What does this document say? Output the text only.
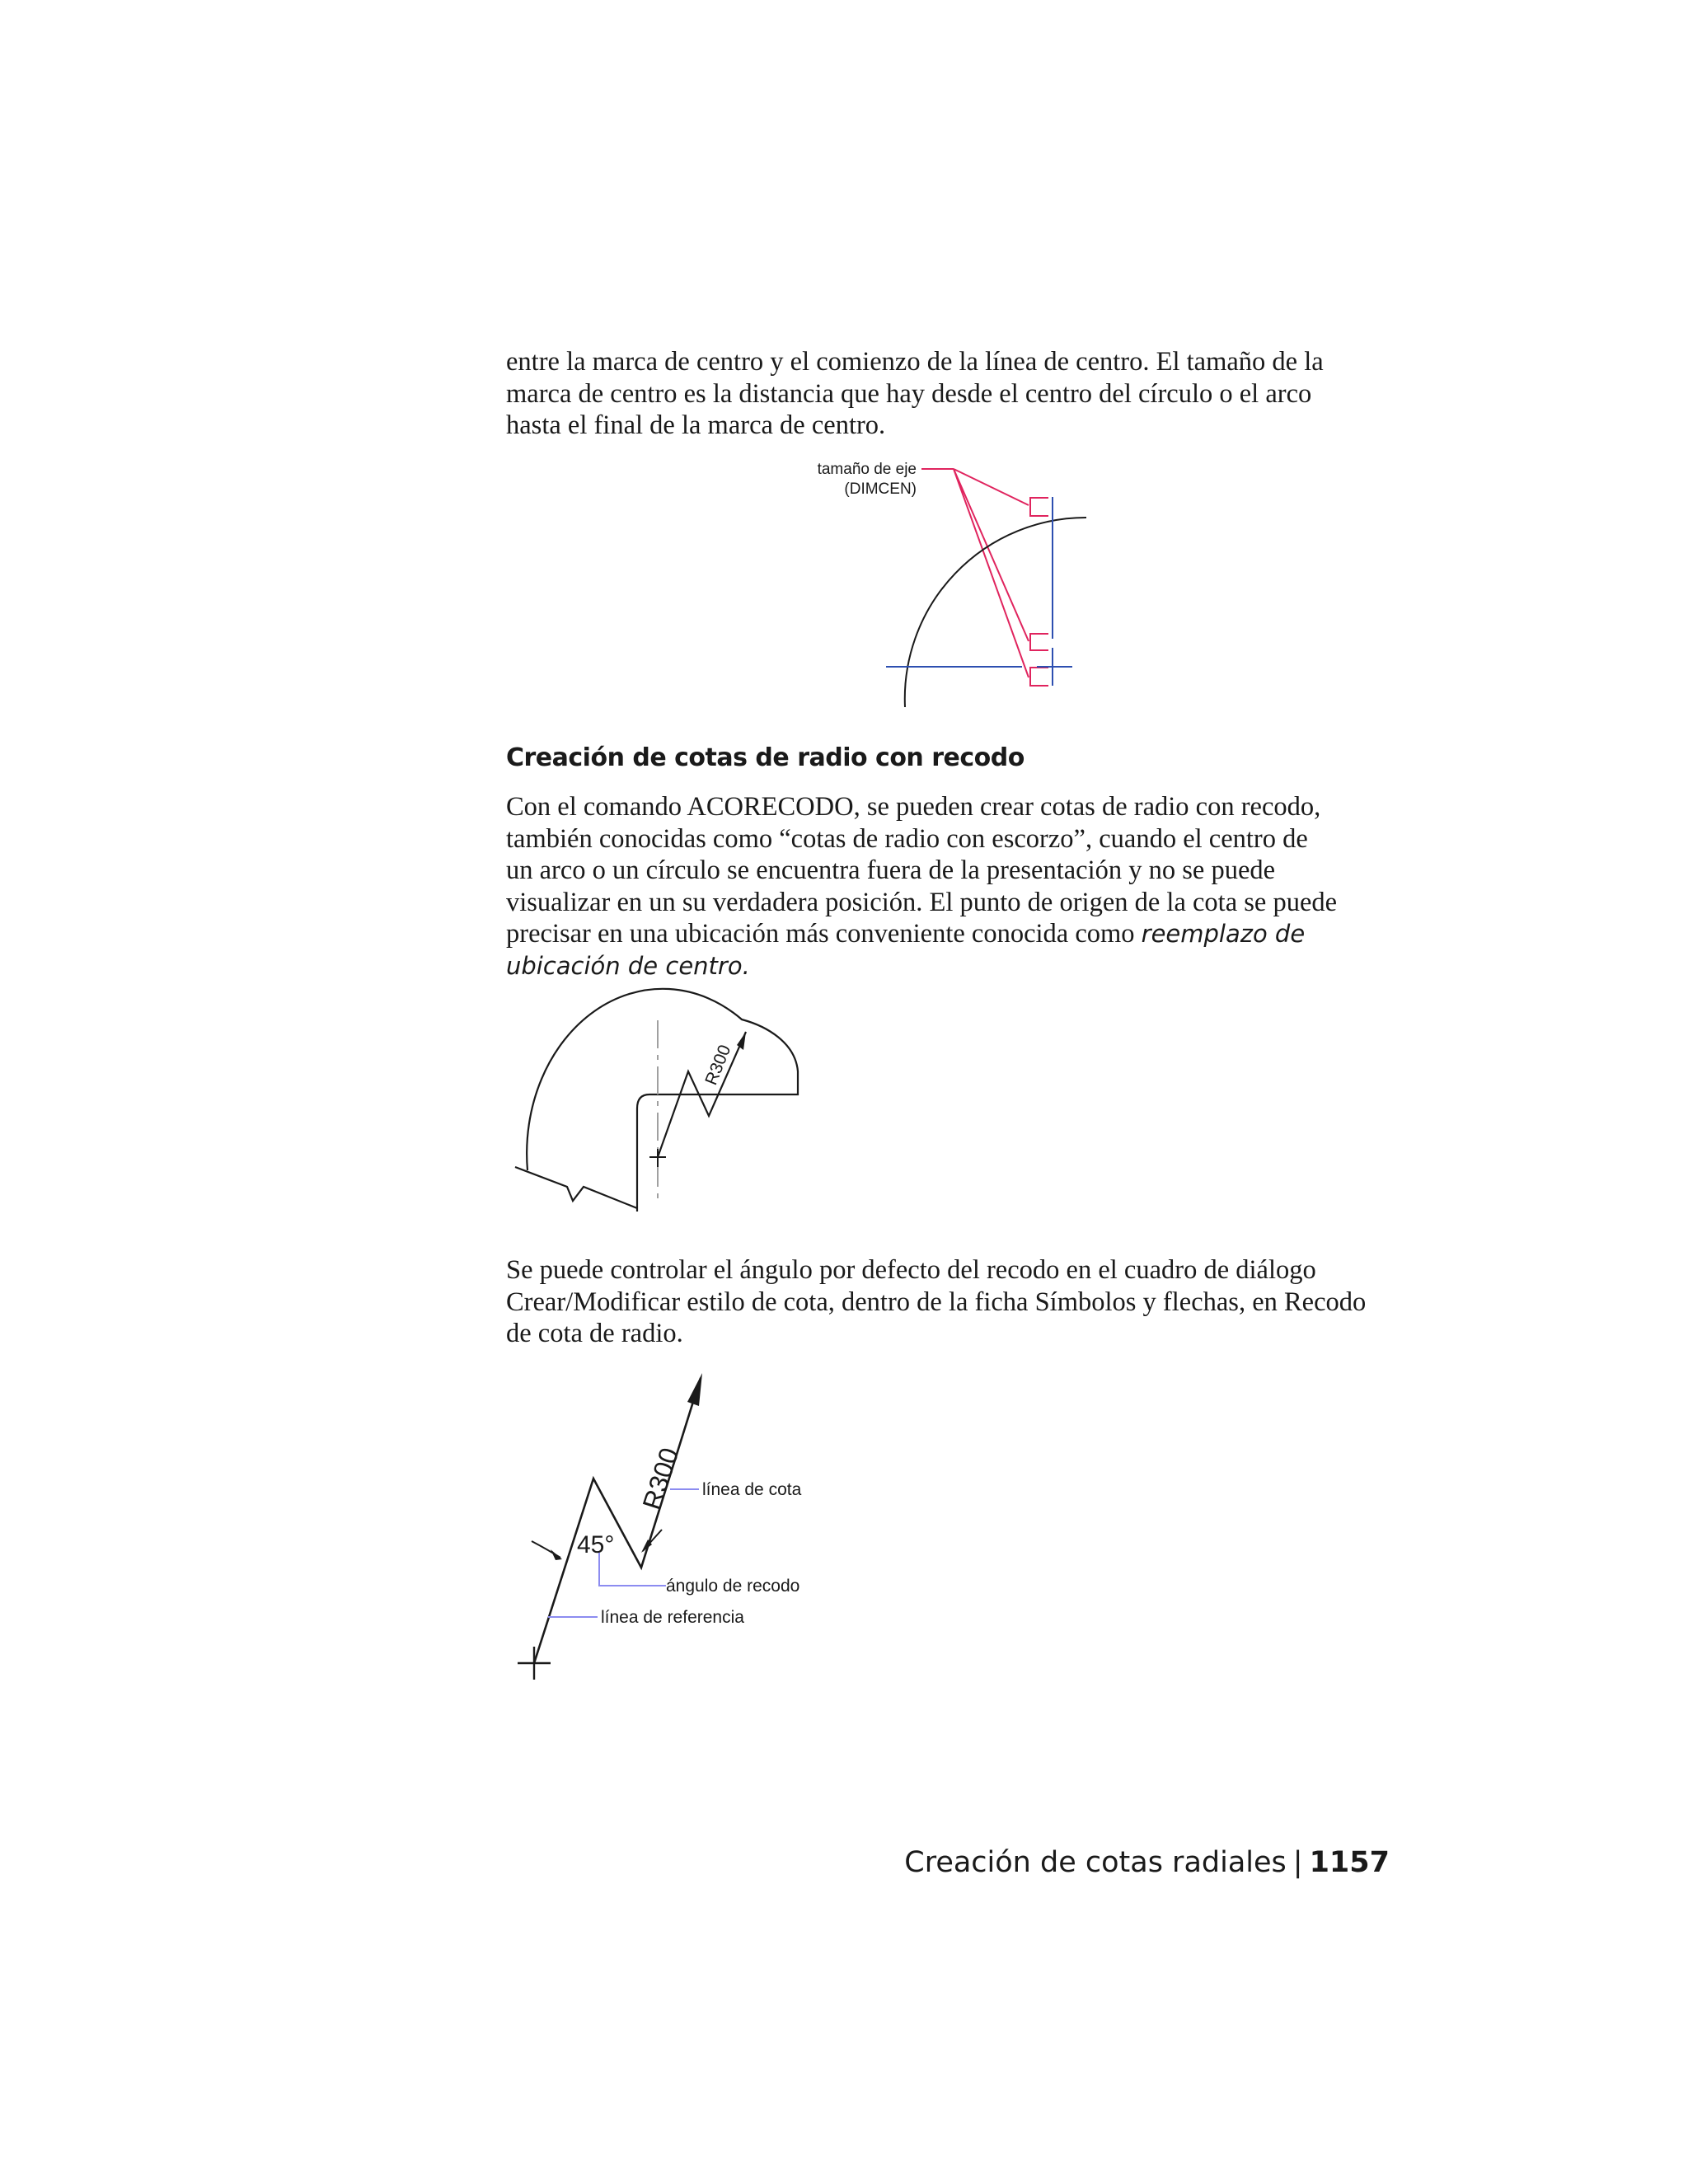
entre la marca de centro y el comienzo de la línea de centro. El tamaño de la
marca de centro es la distancia que hay desde el centro del círculo o el arco
hasta el final de la marca de centro.

tamaño de eje
(DIMCEN)
Creación de cotas de radio con recodo

Con el comando ACORECODO, se pueden crear cotas de radio con recodo,
también conocidas como “cotas de radio con escorzo”, cuando el centro de
un arco o un círculo se encuentra fuera de la presentación y no se puede
visualizar en un su verdadera posición. El punto de origen de la cota se puede
precisar en una ubicación más conveniente conocida como reemplazo de
ubicación de centro.

R300

Se puede controlar el ángulo por defecto del recodo en el cuadro de diálogo
Crear/Modificar estilo de cota, dentro de la ficha Símbolos y flechas, en Recodo
de cota de radio.

45°
R300 línea de cota
ángulo de recodo
línea de referencia
Creación de cotas radiales | 1157
